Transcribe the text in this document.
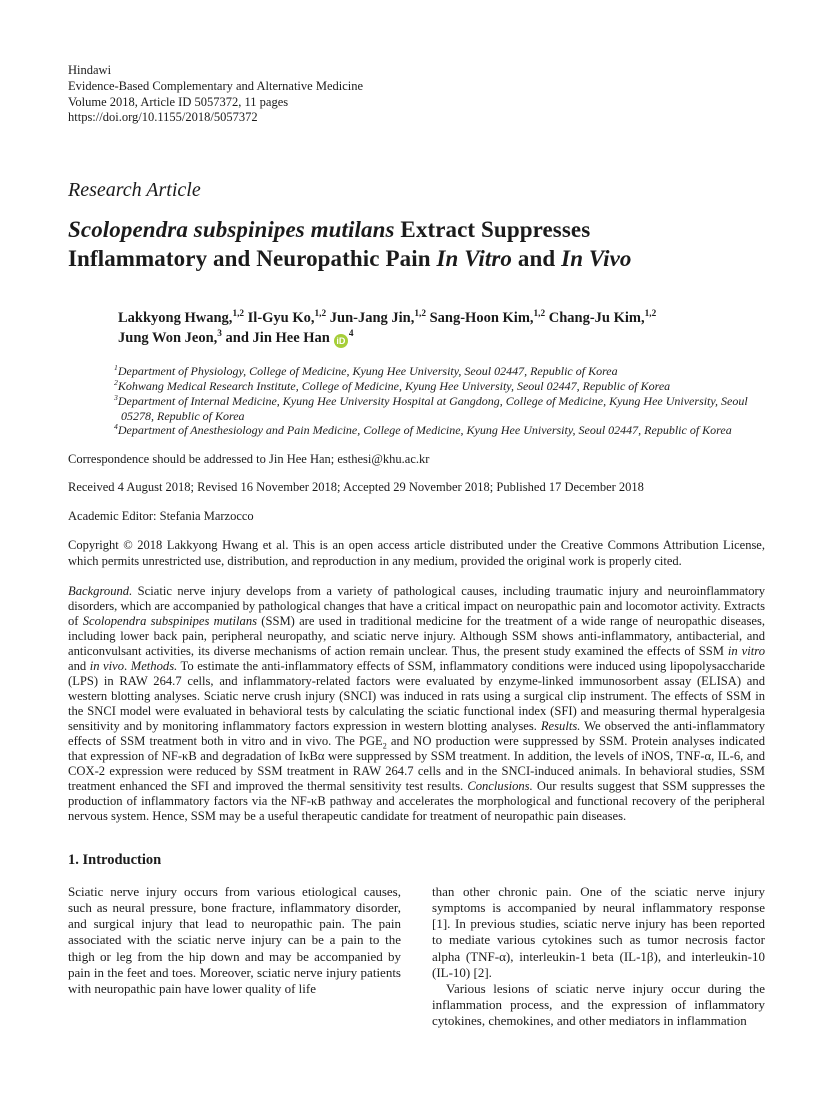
Hindawi
Evidence-Based Complementary and Alternative Medicine
Volume 2018, Article ID 5057372, 11 pages
https://doi.org/10.1155/2018/5057372
Research Article
Scolopendra subspinipes mutilans Extract Suppresses
Inflammatory and Neuropathic Pain In Vitro and In Vivo
Lakkyong Hwang,$^{1,2}$ Il-Gyu Ko,$^{1,2}$ Jun-Jang Jin,$^{1,2}$ Sang-Hoon Kim,$^{1,2}$ Chang-Ju Kim,$^{1,2}$
Jung Won Jeon,$^3$ and Jin Hee Han $iD^4$
$^1$Department of Physiology, College of Medicine, Kyung Hee University, Seoul 02447, Republic of Korea
$^2$Kohwang Medical Research Institute, College of Medicine, Kyung Hee University, Seoul 02447, Republic of Korea
$^3$Department of Internal Medicine, Kyung Hee University Hospital at Gangdong, College of Medicine, Kyung Hee University, Seoul 05278, Republic of Korea
$^4$Department of Anesthesiology and Pain Medicine, College of Medicine, Kyung Hee University, Seoul 02447, Republic of Korea
Correspondence should be addressed to Jin Hee Han; esthesi@khu.ac.kr
Received 4 August 2018; Revised 16 November 2018; Accepted 29 November 2018; Published 17 December 2018
Academic Editor: Stefania Marzocco

Copyright © 2018 Lakkyong Hwang et al. This is an open access article distributed under the Creative Commons Attribution License, which permits unrestricted use, distribution, and reproduction in any medium, provided the original work is properly cited.

Background. Sciatic nerve injury develops from a variety of pathological causes, including traumatic injury and neuroinflammatory disorders, which are accompanied by pathological changes that have a critical impact on neuropathic pain and locomotor activity. Extracts of Scolopendra subspinipes mutilans (SSM) are used in traditional medicine for the treatment of a wide range of neuropathic diseases, including lower back pain, peripheral neuropathy, and sciatic nerve injury. Although SSM shows anti-inflammatory, antibacterial, and anticonvulsant activities, its diverse mechanisms of action remain unclear. Thus, the present study examined the effects of SSM in vitro and in vivo. Methods. To estimate the anti-inflammatory effects of SSM, inflammatory conditions were induced using lipopolysaccharide (LPS) in RAW 264.7 cells, and inflammatory-related factors were evaluated by enzyme-linked immunosorbent assay (ELISA) and western blotting analyses. Sciatic nerve crush injury (SNCI) was induced in rats using a surgical clip instrument. The effects of SSM in the SNCI model were evaluated in behavioral tests by calculating the sciatic functional index (SFI) and measuring thermal hyperalgesia sensitivity and by monitoring inflammatory factors expression in western blotting analyses. Results. We observed the anti-inflammatory effects of SSM treatment both in vitro and in vivo. The $PGE_2$ and NO production were suppressed by SSM. Protein analyses indicated that expression of NF-κB and degradation of IκBα were suppressed by SSM treatment. In addition, the levels of iNOS, TNF-α, IL-6, and COX-2 expression were reduced by SSM treatment in RAW 264.7 cells and in the SNCI-induced animals. In behavioral studies, SSM treatment enhanced the SFI and improved the thermal sensitivity test results. Conclusions. Our results suggest that SSM suppresses the production of inflammatory factors via the NF-κB pathway and accelerates the morphological and functional recovery of the peripheral nervous system. Hence, SSM may be a useful therapeutic candidate for treatment of neuropathic pain diseases.

1. Introduction

Sciatic nerve injury occurs from various etiological causes, such as neural pressure, bone fracture, inflammatory disorder, and surgical injury that lead to neuropathic pain. The pain associated with the sciatic nerve injury can be a pain to the thigh or leg from the hip down and may be accompanied by pain in the feet and toes. Moreover, sciatic nerve injury patients with neuropathic pain have lower quality of life

than other chronic pain. One of the sciatic nerve injury symptoms is accompanied by neural inflammatory response [1]. In previous studies, sciatic nerve injury has been reported to mediate various cytokines such as tumor necrosis factor alpha (TNF-α), interleukin-1 beta (IL-1β), and interleukin-10 (IL-10) [2].

Various lesions of sciatic nerve injury occur during the inflammation process, and the expression of inflammatory cytokines, chemokines, and other mediators in inflammation
